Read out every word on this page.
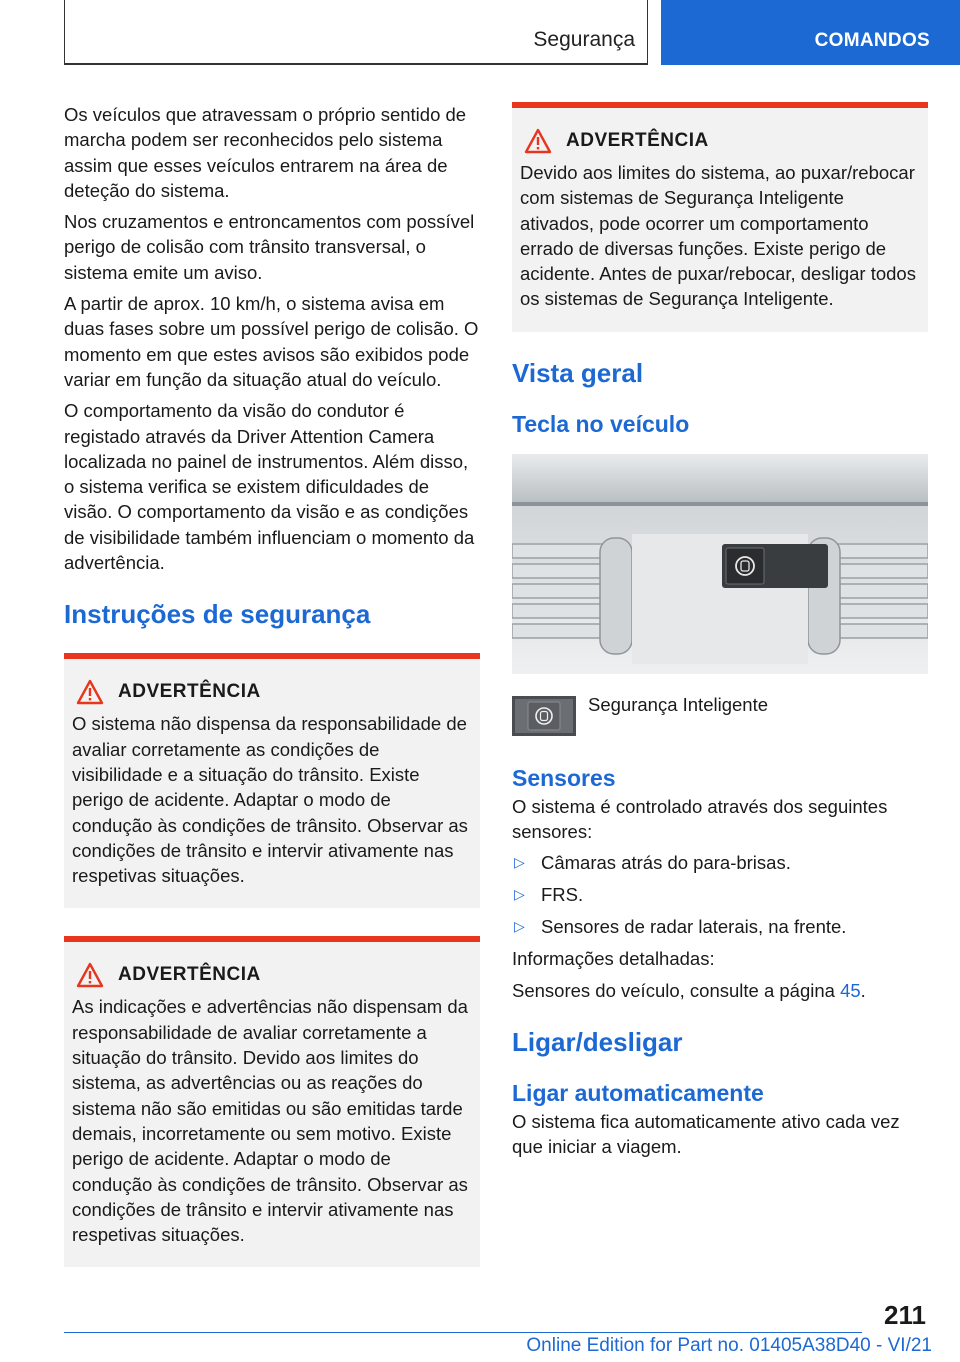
Segurança	COMANDOS

Os veículos que atravessam o próprio sentido de marcha podem ser reconhecidos pelo sistema assim que esses veículos entrarem na área de deteção do sistema.

Nos cruzamentos e entroncamentos com possível perigo de colisão com trânsito transversal, o sistema emite um aviso.

A partir de aprox. 10 km/h, o sistema avisa em duas fases sobre um possível perigo de colisão. O momento em que estes avisos são exibidos pode variar em função da situação atual do veículo.

O comportamento da visão do condutor é registado através da Driver Attention Camera localizada no painel de instrumentos. Além disso, o sistema verifica se existem dificuldades de visão. O comportamento da visão e as condições de visibilidade também influenciam o momento da advertência.

Instruções de segurança
ADVERTÊNCIA

O sistema não dispensa da responsabilidade de avaliar corretamente as condições de visibilidade e a situação do trânsito. Existe perigo de acidente. Adaptar o modo de condução às condições de trânsito. Observar as condições de trânsito e intervir ativamente nas respetivas situações.

ADVERTÊNCIA

As indicações e advertências não dispensam da responsabilidade de avaliar corretamente a situação do trânsito. Devido aos limites do sistema, as advertências ou as reações do sistema não são emitidas ou são emitidas tarde demais, incorretamente ou sem motivo. Existe perigo de acidente. Adaptar o modo de condução às condições de trânsito. Observar as condições de trânsito e intervir ativamente nas respetivas situações.

ADVERTÊNCIA

Devido aos limites do sistema, ao puxar/rebocar com sistemas de Segurança Inteligente ativados, pode ocorrer um comportamento errado de diversas funções. Existe perigo de acidente. Antes de puxar/rebocar, desligar todos os sistemas de Segurança Inteligente.

Vista geral
Tecla no veículo
Segurança Inteligente
Sensores

O sistema é controlado através dos seguintes sensores:

▷ Câmaras atrás do para-brisas.
▷ FRS.
▷ Sensores de radar laterais, na frente.

Informações detalhadas:

Sensores do veículo, consulte a página 45.

Ligar/desligar
Ligar automaticamente

O sistema fica automaticamente ativo cada vez que iniciar a viagem.

211
Online Edition for Part no. 01405A38D40 - VI/21
